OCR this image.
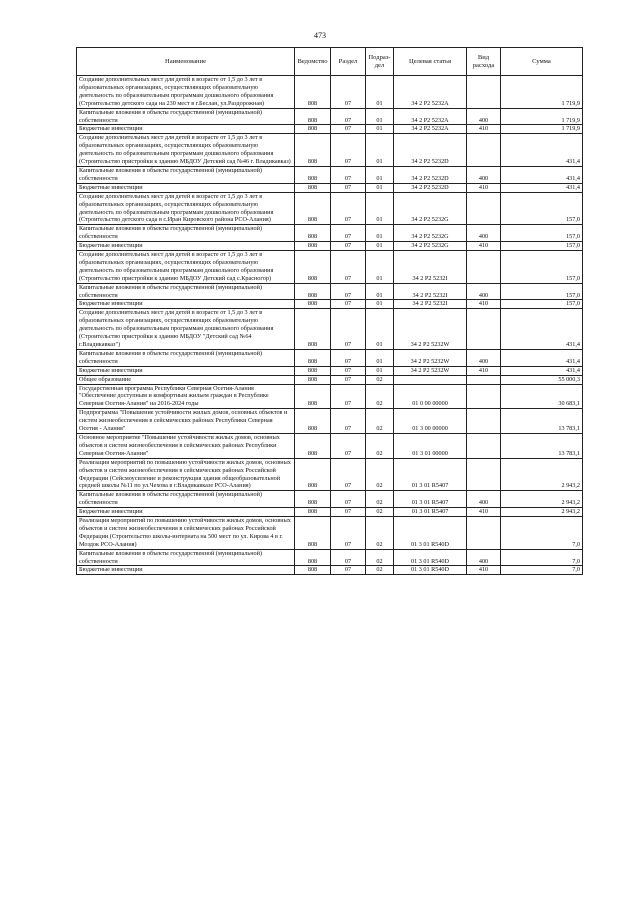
473
Наименование	Ведомство	Раздел	Подраз- дел	Целевая статья	Вид расхода	Сумма
Создание дополнительных мест для детей в возрасте от 1,5 до 3 лет в образовательных организациях, осуществляющих образовательную деятельность по образовательным программам дошкольного образования (Строительство детского сада на 230 мест в г.Беслан, ул.Раздорожная)	808	07	01	34 2 P2 5232A		1 719,9
Капитальные вложения в объекты государственной (муниципальной) собственности	808	07	01	34 2 P2 5232A	400	1 719,9
Бюджетные инвестиции	808	07	01	34 2 P2 5232A	410	1 719,9
Создание дополнительных мест для детей в возрасте от 1,5 до 3 лет в образовательных организациях, осуществляющих образовательную деятельность по образовательным программам дошкольного образования (Строительство пристройки к зданию МБДОУ Детский сад №46 г. Владикавказ)	808	07	01	34 2 P2 5232D		431,4
Капитальные вложения в объекты государственной (муниципальной) собственности	808	07	01	34 2 P2 5232D	400	431,4
Бюджетные инвестиции	808	07	01	34 2 P2 5232D	410	431,4
Создание дополнительных мест для детей в возрасте от 1,5 до 3 лет в образовательных организациях, осуществляющих образовательную деятельность по образовательным программам дошкольного образования (Строительство детского сада в с.Иран Кировского района РСО-Алания)	808	07	01	34 2 P2 5232G		157,0
Капитальные вложения в объекты государственной (муниципальной) собственности	808	07	01	34 2 P2 5232G	400	157,0
Бюджетные инвестиции	808	07	01	34 2 P2 5232G	410	157,0
Создание дополнительных мест для детей в возрасте от 1,5 до 3 лет в образовательных организациях, осуществляющих образовательную деятельность по образовательным программам дошкольного образования (Строительство пристройки к зданию МБДОУ Детский сад с.Красногор)	808	07	01	34 2 P2 5232I		157,0
Капитальные вложения в объекты государственной (муниципальной) собственности	808	07	01	34 2 P2 5232I	400	157,0
Бюджетные инвестиции	808	07	01	34 2 P2 5232I	410	157,0
Создание дополнительных мест для детей в возрасте от 1,5 до 3 лет в образовательных организациях, осуществляющих образовательную деятельность по образовательным программам дошкольного образования (Строительство пристройки к зданию МБДОУ "Детский сад №64 г.Владикавказ")	808	07	01	34 2 P2 5232W		431,4
Капитальные вложения в объекты государственной (муниципальной) собственности	808	07	01	34 2 P2 5232W	400	431,4
Бюджетные инвестиции	808	07	01	34 2 P2 5232W	410	431,4
Общее образование	808	07	02			55 000,3
Государственная программа Республики Северная Осетия-Алания "Обеспечение доступным и комфортным жильем граждан в Республике Северная Осетия-Алания" на 2016-2024 годы	808	07	02	01 0 00 00000		30 683,1
Подпрограмма "Повышение устойчивости жилых домов, основных объектов и систем жизнеобеспечения в сейсмических районах Республики Северная Осетия - Алания"	808	07	02	01 3 00 00000		13 783,1
Основное мероприятие "Повышение устойчивости жилых домов, основных объектов и систем жизнеобеспечения в сейсмических районах Республики Северная Осетия-Алания"	808	07	02	01 3 01 00000		13 783,1
Реализация мероприятий по повышению устойчивости жилых домов, основных объектов и систем жизнеобеспечения в сейсмических районах Российской Федерации (Сейсмоусиление и реконструкция здания общеобразовательной средней школы №11 по ул.Чехова в г.Владикавказе РСО-Алания)	808	07	02	01 3 01 R5407		2 943,2
Капитальные вложения в объекты государственной (муниципальной) собственности	808	07	02	01 3 01 R5407	400	2 943,2
Бюджетные инвестиции	808	07	02	01 3 01 R5407	410	2 943,2
Реализация мероприятий по повышению устойчивости жилых домов, основных объектов и систем жизнеобеспечения в сейсмических районах Российской Федерации (Строительство школы-интерната на 500 мест по ул. Кирова 4 в г. Моздок РСО-Алания)	808	07	02	01 3 01 R540D		7,0
Капитальные вложения в объекты государственной (муниципальной) собственности	808	07	02	01 3 01 R540D	400	7,0
Бюджетные инвестиции	808	07	02	01 3 01 R540D	410	7,0
